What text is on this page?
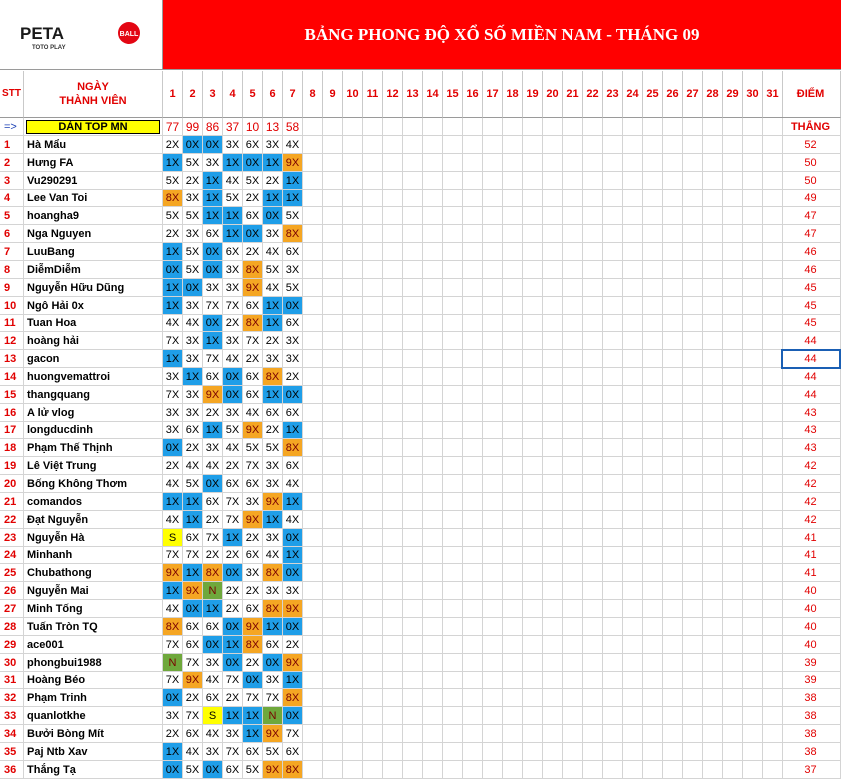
PETA	BALL
TOTO PLAY
BẢNG PHONG ĐỘ XỔ SỐ MIỀN NAM - THÁNG 09
STT
NGÀY
THÀNH VIÊN
1 2 3 4 5 6 7 8 9 10 11 12 13 14 15 16 17 18 19 20 21 22 23 24 25 26 27 28 29 30 31 ĐIỂM
=>	DÀN TOP MN	77 99 86 37 10 13 58	THẮNG
1 Hà Mẩu	2X 0X 0X 3X 6X 3X 4X	52
2 Hưng FA	1X 5X 3X 1X 0X 1X 9X	50
3 Vu290291	5X 2X 1X 4X 5X 2X 1X	50
4 Lee Van Toi	8X 3X 1X 5X 2X 1X 1X	49
5 hoangha9	5X 5X 1X 1X 6X 0X 5X	47
6 Nga Nguyen	2X 3X 6X 1X 0X 3X 8X	47
7 LuuBang	1X 5X 0X 6X 2X 4X 6X	46
8 DiễmDiễm	0X 5X 0X 3X 8X 5X 3X	46
9 Nguyễn Hữu Dũng	1X 0X 3X 3X 9X 4X 5X	45
10 Ngô Hải 0x	1X 3X 7X 7X 6X 1X 0X	45
11 Tuan Hoa	4X 4X 0X 2X 8X 1X 6X	45
12 hoàng hải	7X 3X 1X 3X 7X 2X 3X	44
13 gacon	1X 3X 7X 4X 2X 3X 3X	44
14 huongvemattroi	3X 1X 6X 0X 6X 8X 2X	44
15 thangquang	7X 3X 9X 0X 6X 1X 0X	44
16 A lử vlog	3X 3X 2X 3X 4X 6X 6X	43
17 longducdinh	3X 6X 1X 5X 9X 2X 1X	43
18 Phạm Thế Thịnh	0X 2X 3X 4X 5X 5X 8X	43
19 Lê Việt Trung	2X 4X 4X 2X 7X 3X 6X	42
20 Bống Không Thơm	4X 5X 0X 6X 6X 3X 4X	42
21 comandos	1X 1X 6X 7X 3X 9X 1X	42
22 Đạt Nguyễn	4X 1X 2X 7X 9X 1X 4X	42
23 Nguyễn Hà	S 6X 7X 1X 2X 3X 0X	41
24 Minhanh	7X 7X 2X 2X 6X 4X 1X	41
25 Chubathong	9X 1X 8X 0X 3X 8X 0X	41
26 Nguyễn Mai	1X 9X N 2X 2X 3X 3X	40
27 Minh Tống	4X 0X 1X 2X 6X 8X 9X	40
28 Tuấn Tròn TQ	8X 6X 6X 0X 9X 1X 0X	40
29 ace001	7X 6X 0X 1X 8X 6X 2X	40
30 phongbui1988	N 7X 3X 0X 2X 0X 9X	39
31 Hoàng Béo	7X 9X 4X 7X 0X 3X 1X	39
32 Phạm Trinh	0X 2X 6X 2X 7X 7X 8X	38
33 quanlotkhe	3X 7X S 1X 1X N 0X	38
34 Bưởi Bòng Mít	2X 6X 4X 3X 1X 9X 7X	38
35 Paj Ntb Xav	1X 4X 3X 7X 6X 5X 6X	38
36 Thắng Tạ	0X 5X 0X 6X 5X 9X 8X	37
